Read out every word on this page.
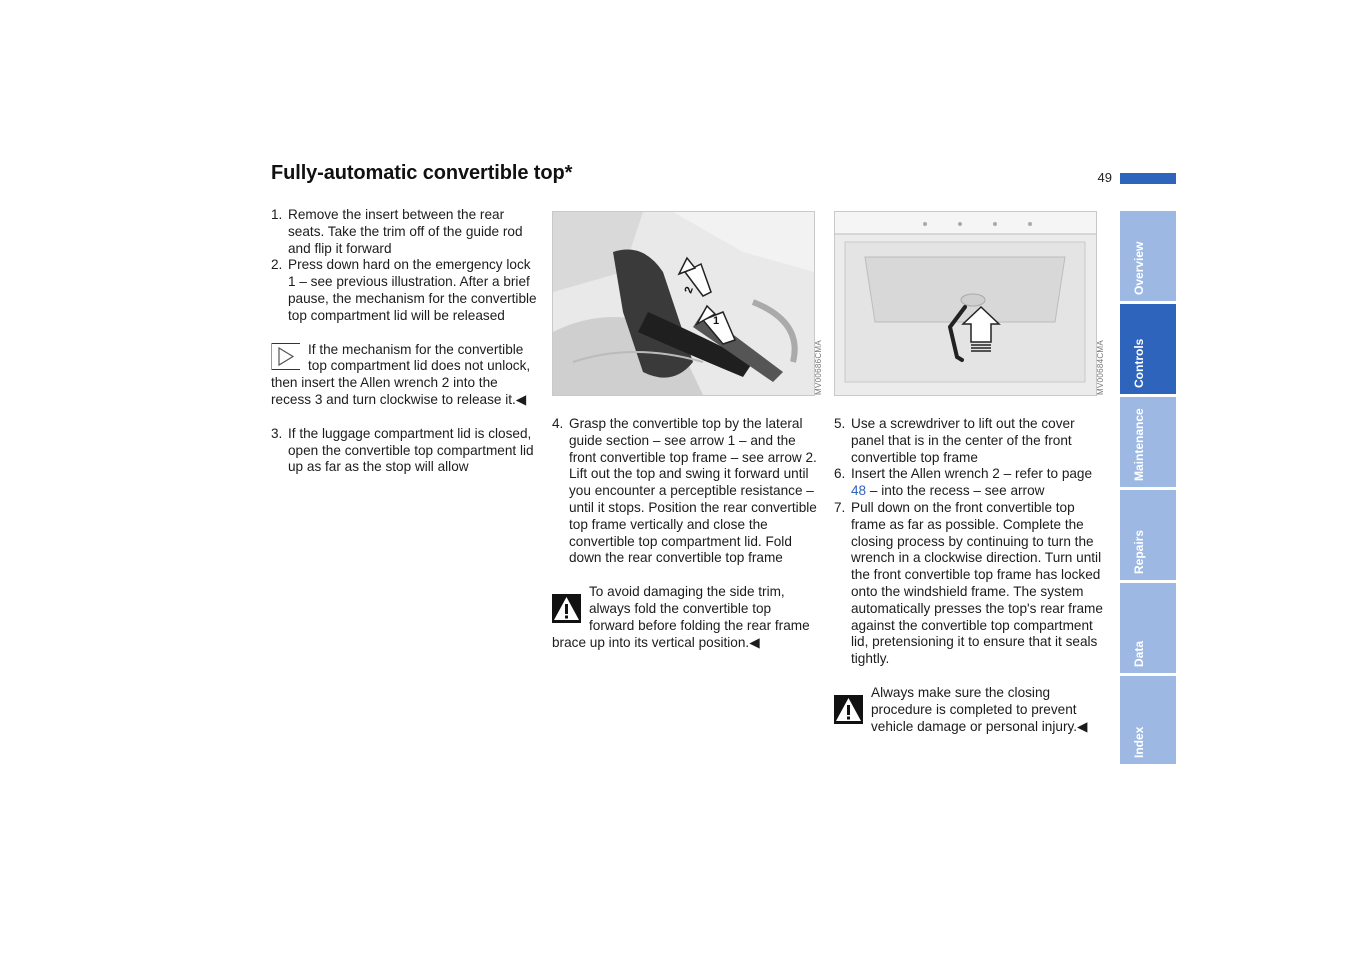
Fully-automatic convertible top*	49
1. Remove the insert between the rear seats. Take the trim off of the guide rod and flip it forward
2. Press down hard on the emergency lock 1 – see previous illustration. After a brief pause, the mechanism for the convertible top compartment lid will be released
If the mechanism for the convertible top compartment lid does not unlock, then insert the Allen wrench 2 into the recess 3 and turn clockwise to release it.◀
3. If the luggage compartment lid is closed, open the convertible top compartment lid up as far as the stop will allow
2
1
MV00686CMA	MV00684CMA
4. Grasp the convertible top by the lateral guide section – see arrow 1 – and the front convertible top frame – see arrow 2. Lift out the top and swing it forward until you encounter a perceptible resistance – until it stops. Position the rear convertible top frame vertically and close the convertible top compartment lid. Fold down the rear convertible top frame
To avoid damaging the side trim, always fold the convertible top forward before folding the rear frame brace up into its vertical position.◀
5. Use a screwdriver to lift out the cover panel that is in the center of the front convertible top frame
6. Insert the Allen wrench 2 – refer to page 48 – into the recess – see arrow
7. Pull down on the front convertible top frame as far as possible. Complete the closing process by continuing to turn the wrench in a clockwise direction. Turn until the front convertible top frame has locked onto the windshield frame. The system automatically presses the top's rear frame against the convertible top compartment lid, pretensioning it to ensure that it seals tightly.
Always make sure the closing procedure is completed to prevent vehicle damage or personal injury.◀
Overview
Controls
Maintenance
Repairs
Data
Index
